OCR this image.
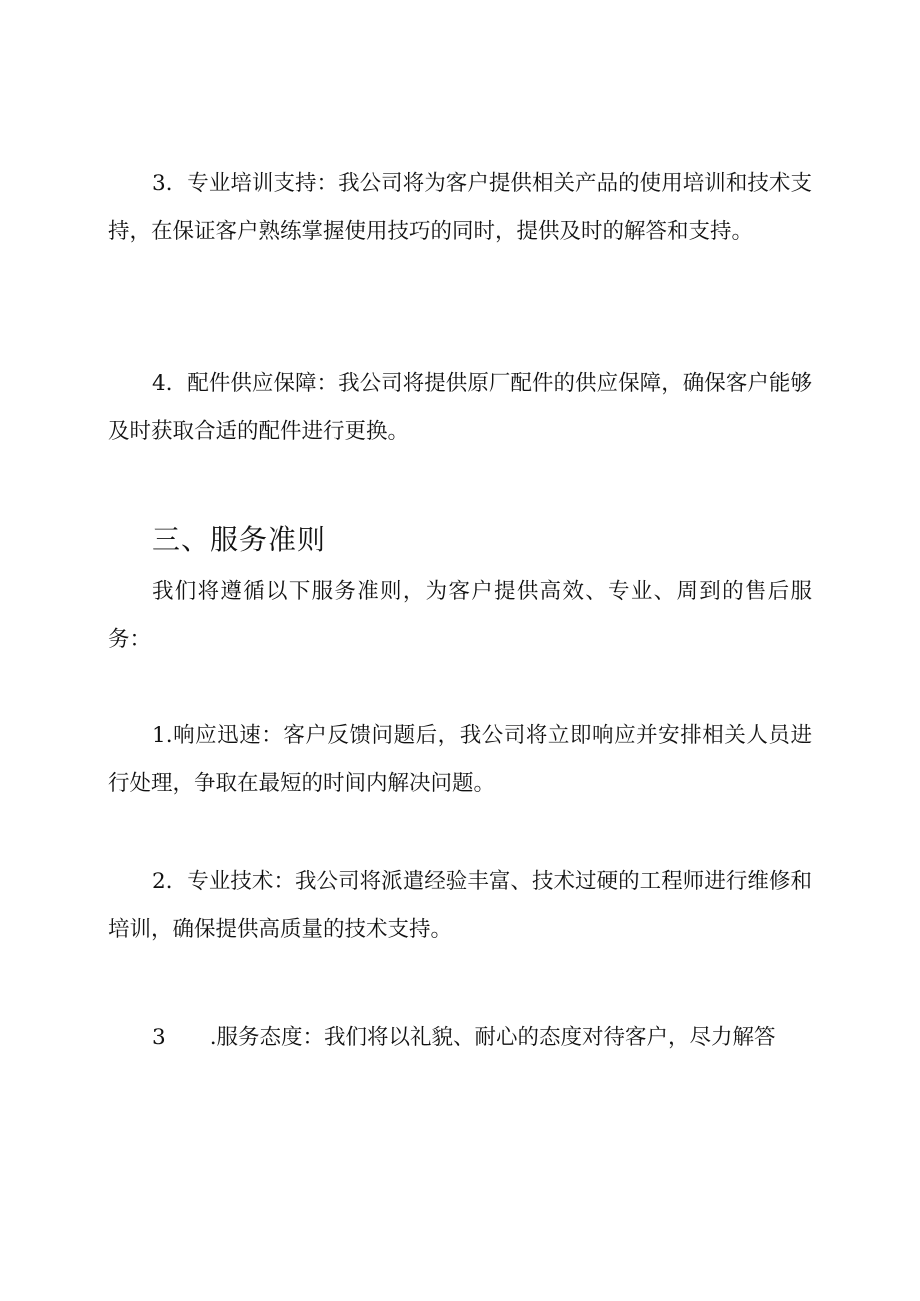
3．专业培训支持：我公司将为客户提供相关产品的使用培训和技术支持，在保证客户熟练掌握使用技巧的同时，提供及时的解答和支持。

4．配件供应保障：我公司将提供原厂配件的供应保障，确保客户能够及时获取合适的配件进行更换。

三、服务准则

我们将遵循以下服务准则，为客户提供高效、专业、周到的售后服务：

1.响应迅速：客户反馈问题后，我公司将立即响应并安排相关人员进行处理，争取在最短的时间内解决问题。

2．专业技术：我公司将派遣经验丰富、技术过硬的工程师进行维修和培训，确保提供高质量的技术支持。

3 .服务态度：我们将以礼貌、耐心的态度对待客户，尽力解答
